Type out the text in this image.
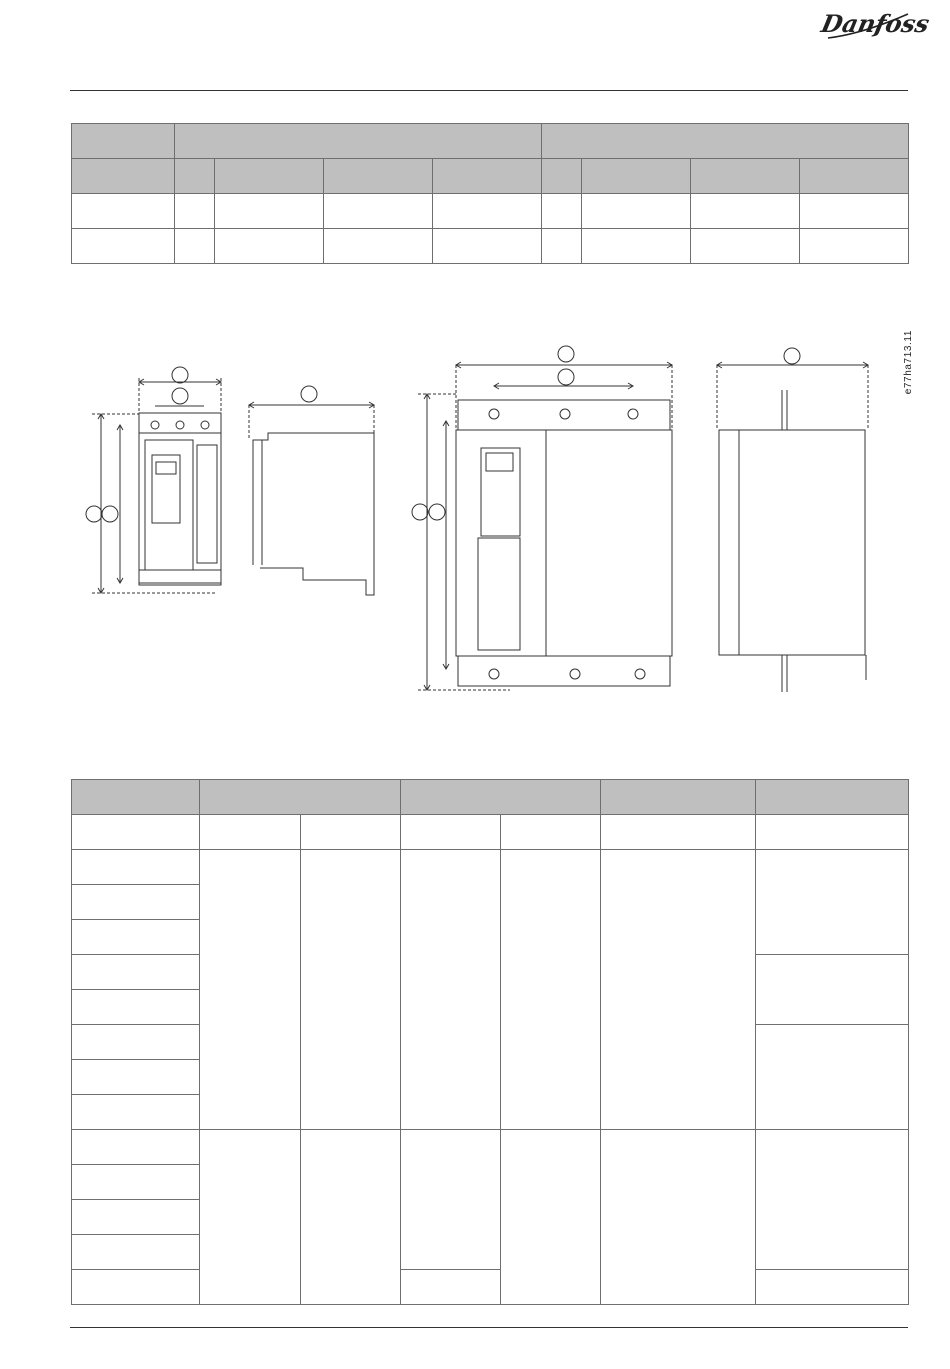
Danfoss

e77ha713.11
